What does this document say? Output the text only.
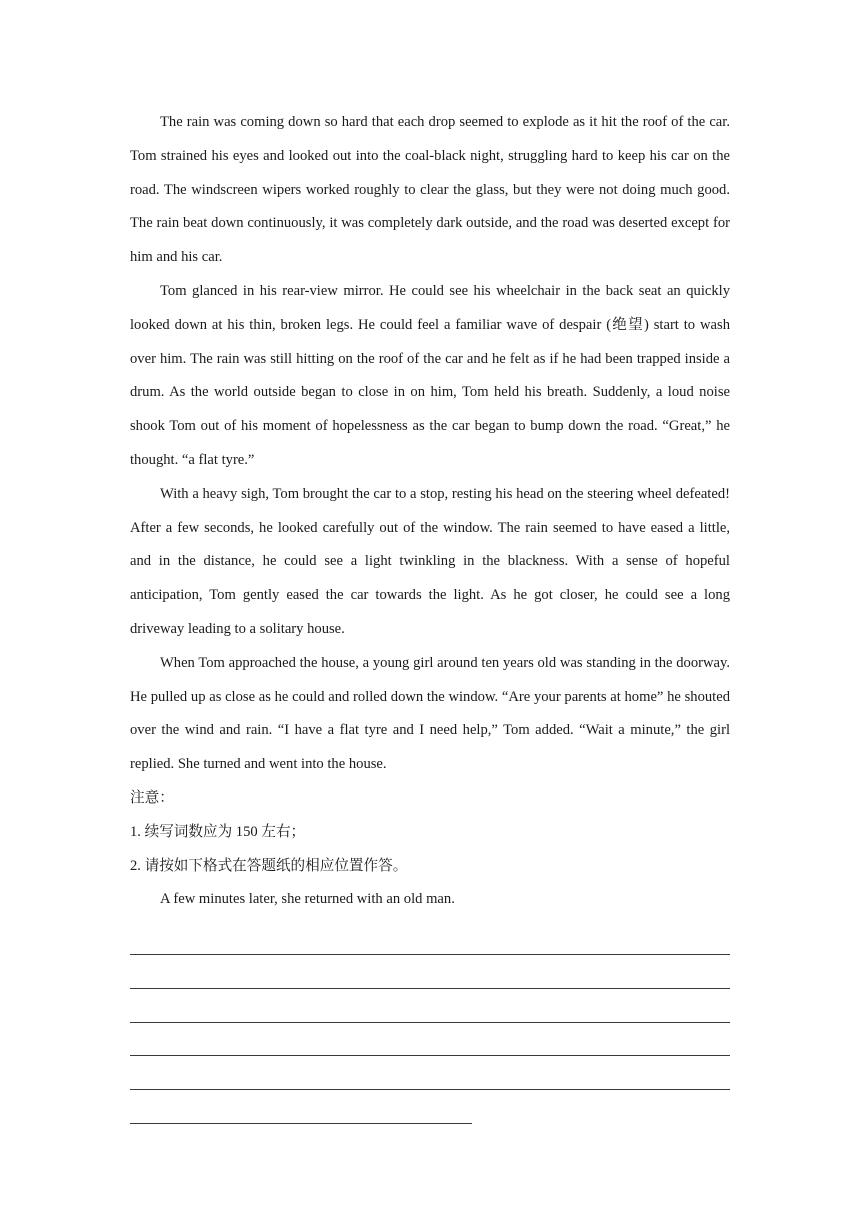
The rain was coming down so hard that each drop seemed to explode as it hit the roof of the car. Tom strained his eyes and looked out into the coal-black night, struggling hard to keep his car on the road. The windscreen wipers worked roughly to clear the glass, but they were not doing much good. The rain beat down continuously, it was completely dark outside, and the road was deserted except for him and his car.

Tom glanced in his rear-view mirror. He could see his wheelchair in the back seat an quickly looked down at his thin, broken legs. He could feel a familiar wave of despair (绝望) start to wash over him. The rain was still hitting on the roof of the car and he felt as if he had been trapped inside a drum. As the world outside began to close in on him, Tom held his breath. Suddenly, a loud noise shook Tom out of his moment of hopelessness as the car began to bump down the road. “Great,” he thought. “a flat tyre.”

With a heavy sigh, Tom brought the car to a stop, resting his head on the steering wheel defeated! After a few seconds, he looked carefully out of the window. The rain seemed to have eased a little, and in the distance, he could see a light twinkling in the blackness. With a sense of hopeful anticipation, Tom gently eased the car towards the light. As he got closer, he could see a long driveway leading to a solitary house.

When Tom approached the house, a young girl around ten years old was standing in the doorway. He pulled up as close as he could and rolled down the window. “Are your parents at home” he shouted over the wind and rain. “I have a flat tyre and I need help,” Tom added. “Wait a minute,” the girl replied. She turned and went into the house.

注意：

1. 续写词数应为 150 左右；

2. 请按如下格式在答题纸的相应位置作答。

A few minutes later, she returned with an old man.
